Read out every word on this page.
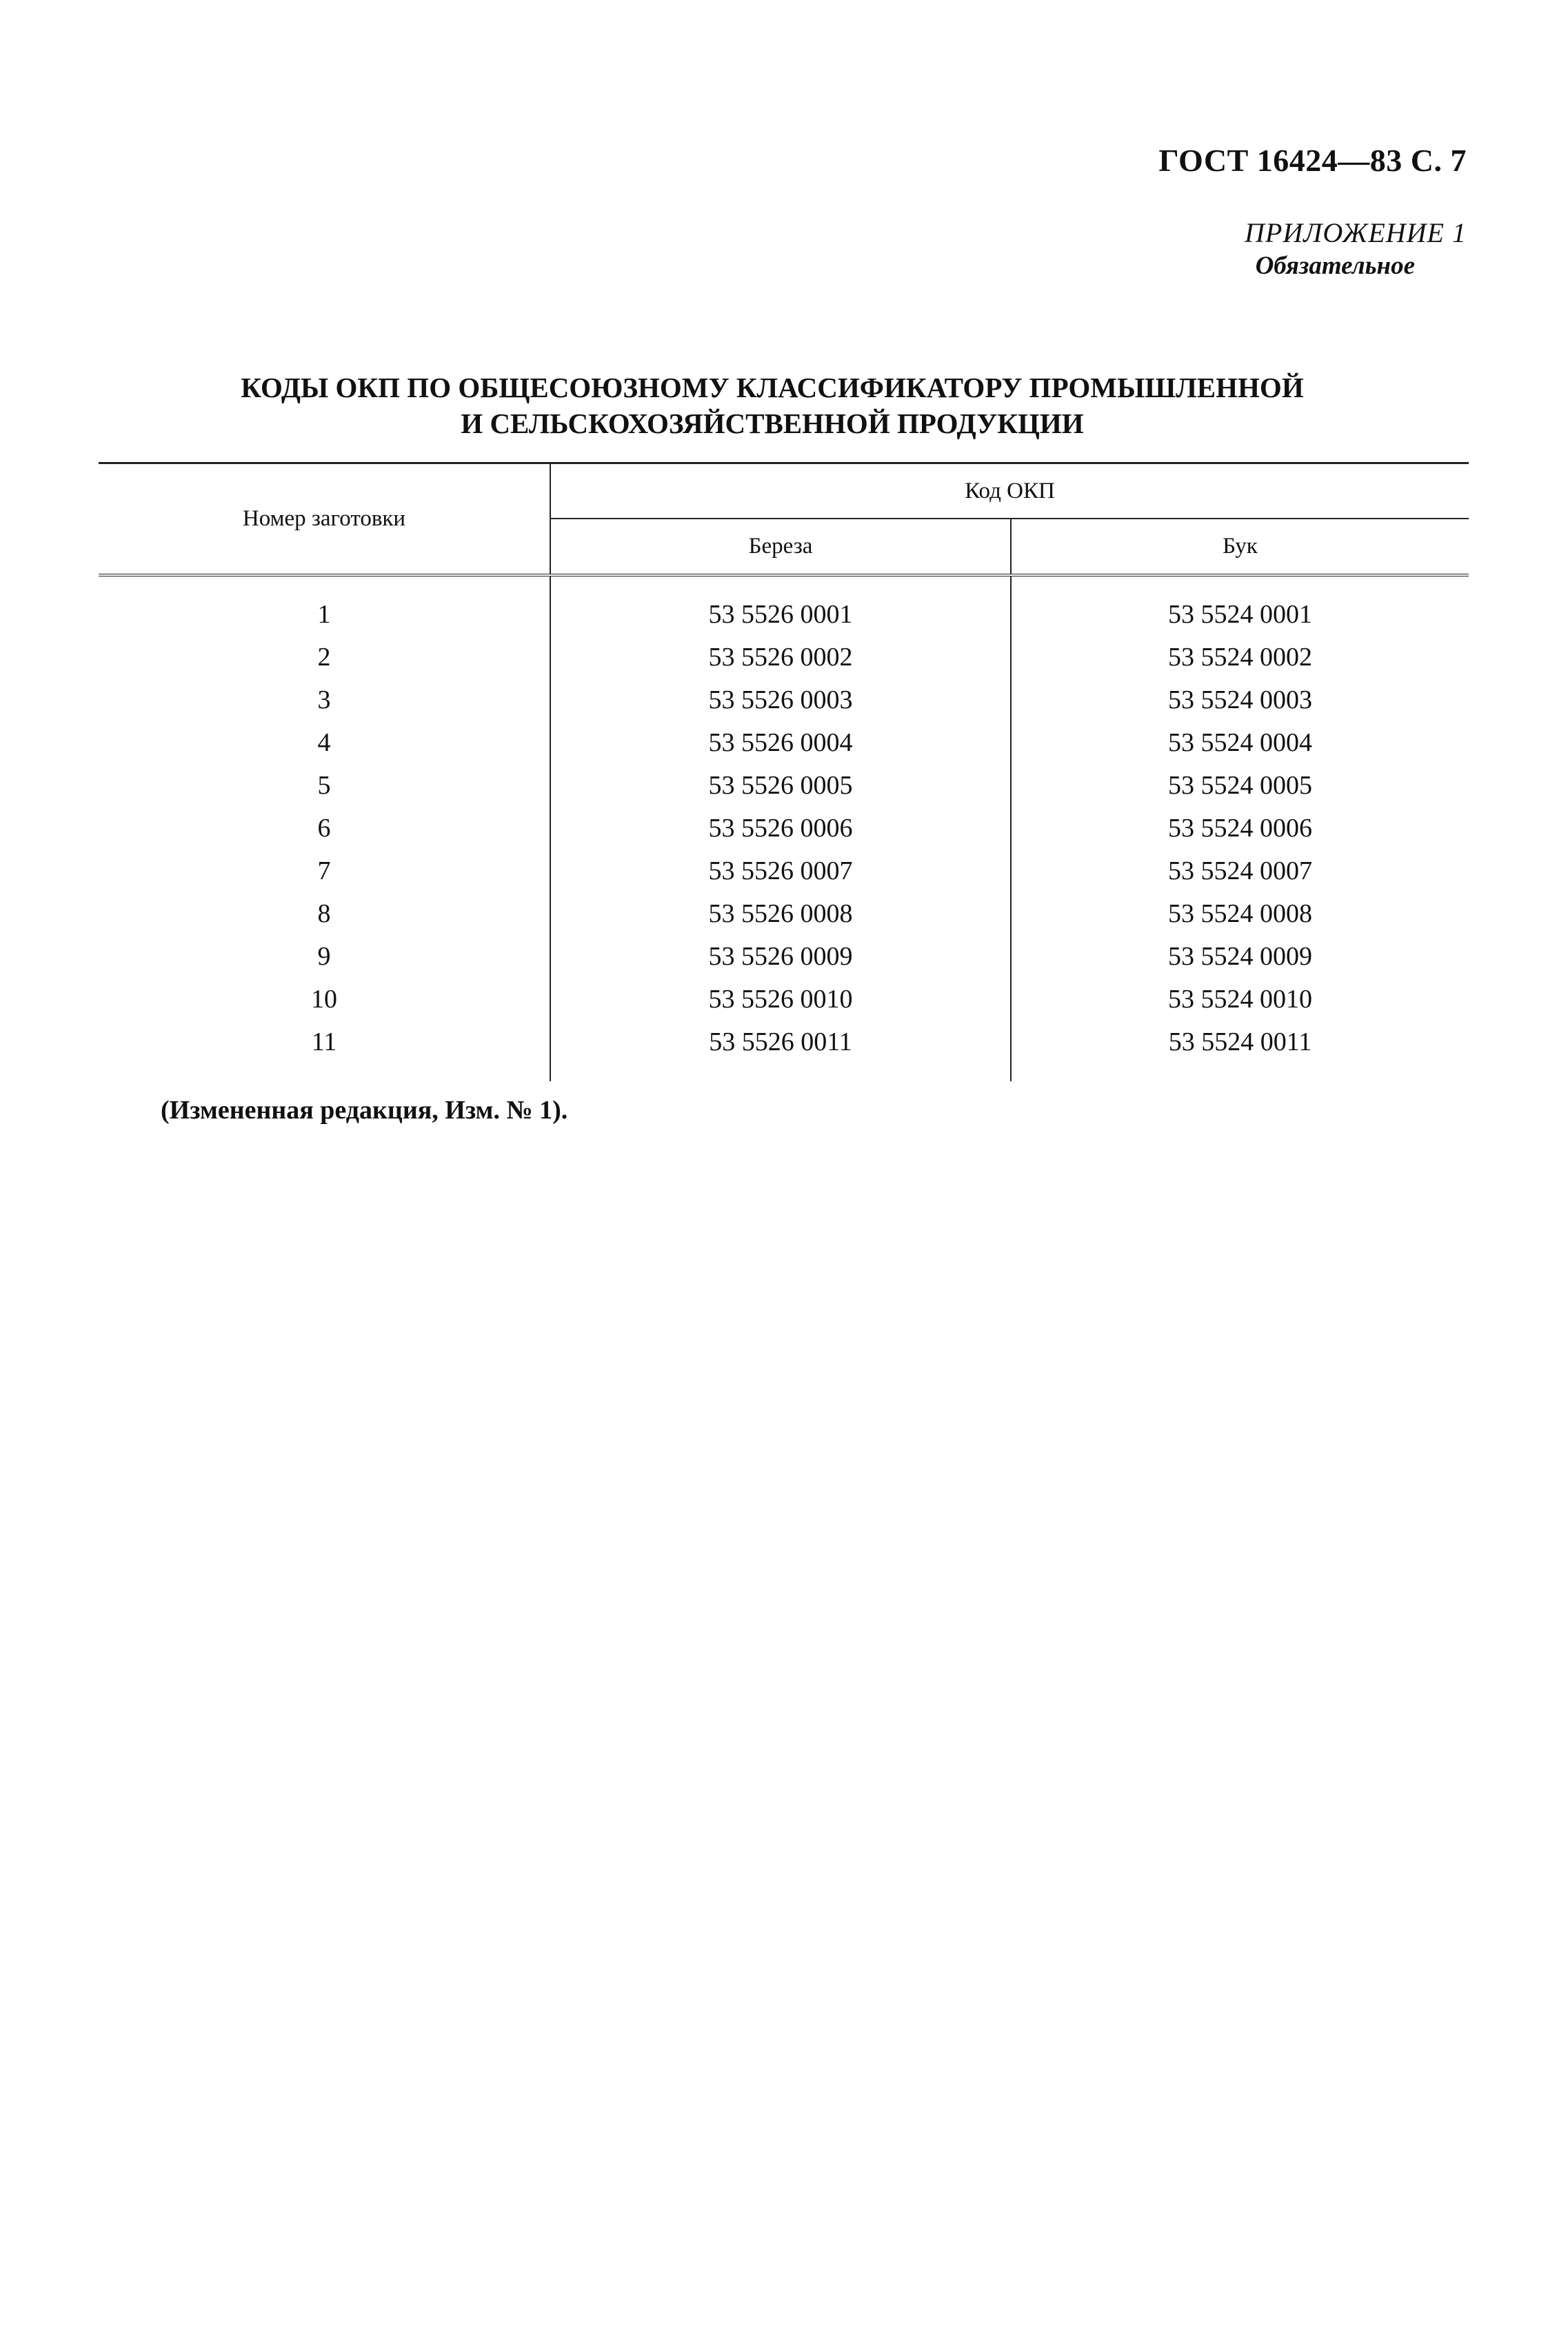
ГОСТ 16424—83 С. 7
ПРИЛОЖЕНИЕ 1
Обязательное
КОДЫ ОКП ПО ОБЩЕСОЮЗНОМУ КЛАССИФИКАТОРУ ПРОМЫШЛЕННОЙ
И СЕЛЬСКОХОЗЯЙСТВЕННОЙ ПРОДУКЦИИ
Номер заготовки	Код ОКП	
	Береза	Бук
1	53 5526 0001	53 5524 0001
2	53 5526 0002	53 5524 0002
3	53 5526 0003	53 5524 0003
4	53 5526 0004	53 5524 0004
5	53 5526 0005	53 5524 0005
6	53 5526 0006	53 5524 0006
7	53 5526 0007	53 5524 0007
8	53 5526 0008	53 5524 0008
9	53 5526 0009	53 5524 0009
10	53 5526 0010	53 5524 0010
11	53 5526 0011	53 5524 0011
(Измененная редакция, Изм. № 1).
